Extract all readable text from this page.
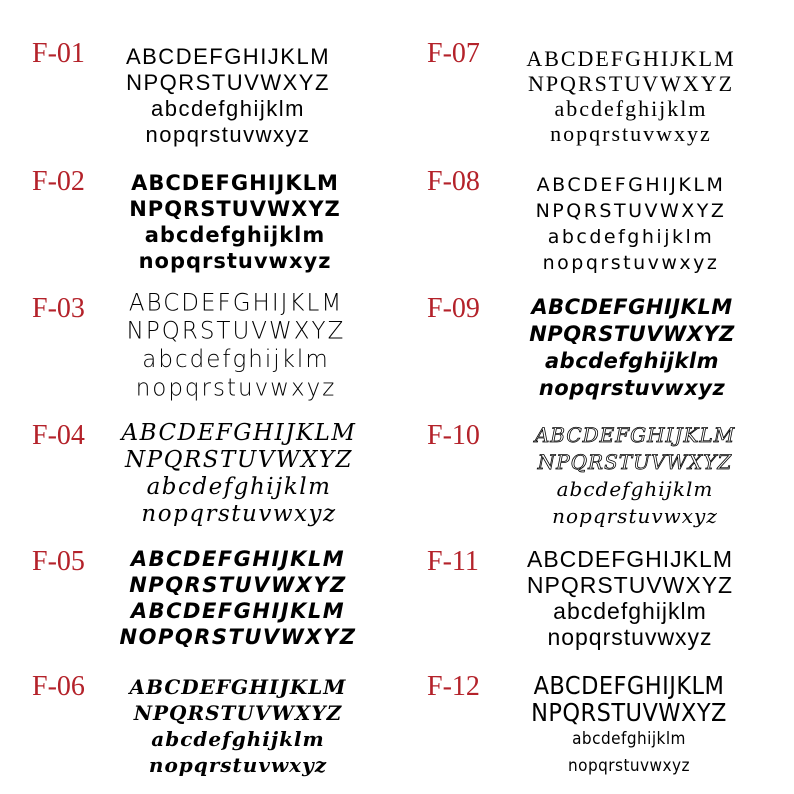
F-01	ABCDEFGHIJKLM
NPQRSTUVWXYZ
abcdefghijklm
nopqrstuvwxyz
F-02	ABCDEFGHIJKLM
NPQRSTUVWXYZ
abcdefghijklm
nopqrstuvwxyz
F-03	ABCDEFGHIJKLM
NPQRSTUVWXYZ
abcdefghijklm
nopqrstuvwxyz
F-04	ABCDEFGHIJKLM
NPQRSTUVWXYZ
abcdefghijklm
nopqrstuvwxyz
F-05	ABCDEFGHIJKLM
NPQRSTUVWXYZ
ABCDEFGHIJKLM
NOPQRSTUVWXYZ
F-06	ABCDEFGHIJKLM
NPQRSTUVWXYZ
abcdefghijklm
nopqrstuvwxyz
F-07	ABCDEFGHIJKLM
NPQRSTUVWXYZ
abcdefghijklm
nopqrstuvwxyz
F-08	ABCDEFGHIJKLM
NPQRSTUVWXYZ
abcdefghijklm
nopqrstuvwxyz
F-09	ABCDEFGHIJKLM
NPQRSTUVWXYZ
abcdefghijklm
nopqrstuvwxyz
F-10	ABCDEFGHIJKLM
NPQRSTUVWXYZ
abcdefghijklm
nopqrstuvwxyz
F-11	ABCDEFGHIJKLM
NPQRSTUVWXYZ
abcdefghijklm
nopqrstuvwxyz
F-12	ABCDEFGHIJKLM
NPQRSTUVWXYZ
abcdefghijklm
nopqrstuvwxyz
